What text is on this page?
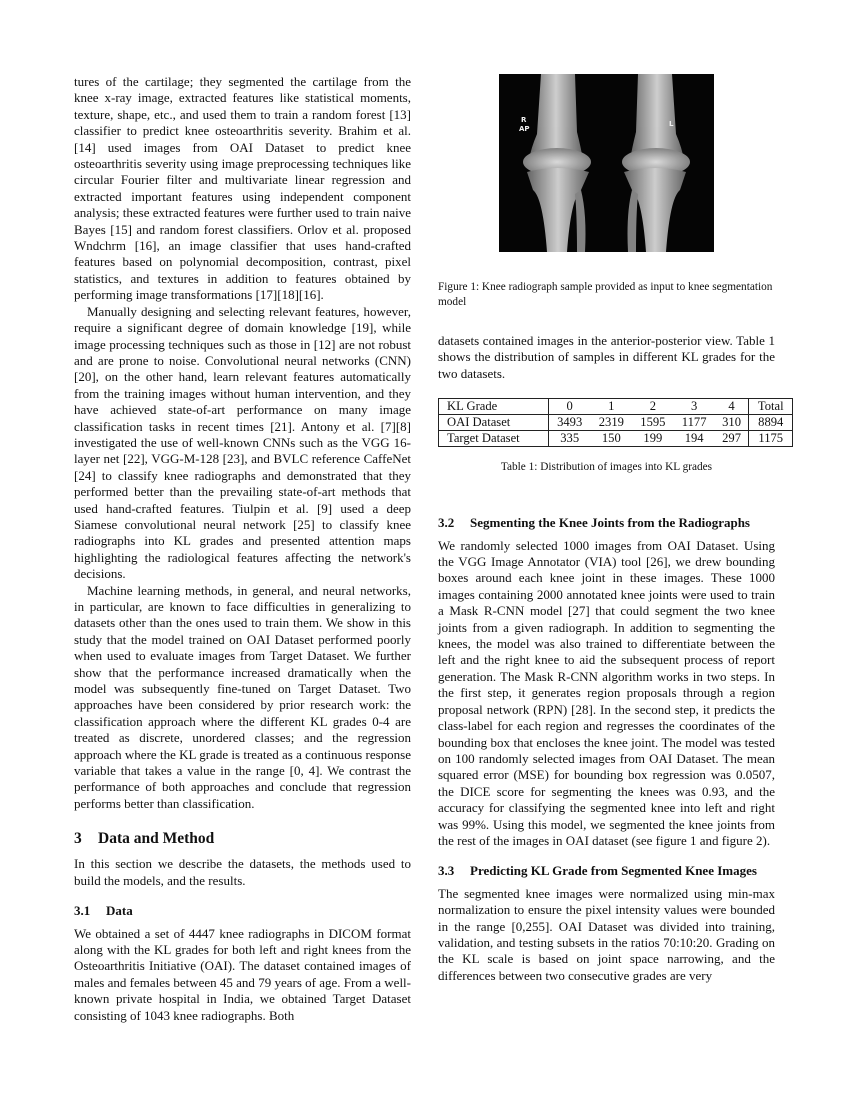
tures of the cartilage; they segmented the cartilage from the knee x-ray image, extracted features like statistical moments, texture, shape, etc., and used them to train a random forest [13] classifier to predict knee osteoarthritis severity. Brahim et al. [14] used images from OAI Dataset to predict knee osteoarthritis severity using image preprocessing techniques like circular Fourier filter and multivariate linear regression and extracted important features using independent component analysis; these extracted features were further used to train naive Bayes [15] and random forest classifiers. Orlov et al. proposed Wndchrm [16], an image classifier that uses hand-crafted features based on polynomial decomposition, contrast, pixel statistics, and textures in addition to features obtained by performing image transformations [17][18][16].

Manually designing and selecting relevant features, however, require a significant degree of domain knowledge [19], while image processing techniques such as those in [12] are not robust and are prone to noise. Convolutional neural networks (CNN) [20], on the other hand, learn relevant features automatically from the training images without human intervention, and they have achieved state-of-art performance on many image classification tasks in recent times [21]. Antony et al. [7][8] investigated the use of well-known CNNs such as the VGG 16-layer net [22], VGG-M-128 [23], and BVLC reference CaffeNet [24] to classify knee radiographs and demonstrated that they performed better than the prevailing state-of-art methods that used hand-crafted features. Tiulpin et al. [9] used a deep Siamese convolutional neural network [25] to classify knee radiographs into KL grades and presented attention maps highlighting the radiological features affecting the network's decisions.

Machine learning methods, in general, and neural networks, in particular, are known to face difficulties in generalizing to datasets other than the ones used to train them. We show in this study that the model trained on OAI Dataset performed poorly when used to evaluate images from Target Dataset. We further show that the performance increased dramatically when the model was subsequently fine-tuned on Target Dataset. Two approaches have been considered by prior research work: the classification approach where the different KL grades 0-4 are treated as discrete, unordered classes; and the regression approach where the KL grade is treated as a continuous response variable that takes a value in the range [0, 4]. We contrast the performance of both approaches and conclude that regression performs better than classification.

3 Data and Method

In this section we describe the datasets, the methods used to build the models, and the results.

3.1	Data

We obtained a set of 4447 knee radiographs in DICOM format along with the KL grades for both left and right knees from the Osteoarthritis Initiative (OAI). The dataset contained images of males and females between 45 and 79 years of age. From a well-known private hospital in India, we obtained Target Dataset consisting of 1043 knee radiographs. Both

R
AP
L
Figure 1: Knee radiograph sample provided as input to knee segmentation model

datasets contained images in the anterior-posterior view. Table 1 shows the distribution of samples in different KL grades for the two datasets.

KL Grade	0	1	2	3	4	Total
OAI Dataset	3493	2319	1595	1177	310	8894
Target Dataset	335	150	199	194	297	1175
Table 1: Distribution of images into KL grades
3.2	Segmenting the Knee Joints from the Radiographs

We randomly selected 1000 images from OAI Dataset. Using the VGG Image Annotator (VIA) tool [26], we drew bounding boxes around each knee joint in these images. These 1000 images containing 2000 annotated knee joints were used to train a Mask R-CNN model [27] that could segment the two knee joints from a given radiograph. In addition to segmenting the knees, the model was also trained to differentiate between the left and the right knee to aid the subsequent process of report generation. The Mask R-CNN algorithm works in two steps. In the first step, it generates region proposals through a region proposal network (RPN) [28]. In the second step, it predicts the class-label for each region and regresses the coordinates of the bounding box that encloses the knee joint. The model was tested on 100 randomly selected images from OAI Dataset. The mean squared error (MSE) for bounding box regression was 0.0507, the DICE score for segmenting the knees was 0.93, and the accuracy for classifying the segmented knee into left and right was 99%. Using this model, we segmented the knee joints from the rest of the images in OAI dataset (see figure 1 and figure 2).

3.3	Predicting KL Grade from Segmented Knee Images

The segmented knee images were normalized using min-max normalization to ensure the pixel intensity values were bounded in the range [0,255]. OAI Dataset was divided into training, validation, and testing subsets in the ratios 70:10:20. Grading on the KL scale is based on joint space narrowing, and the differences between two consecutive grades are very
